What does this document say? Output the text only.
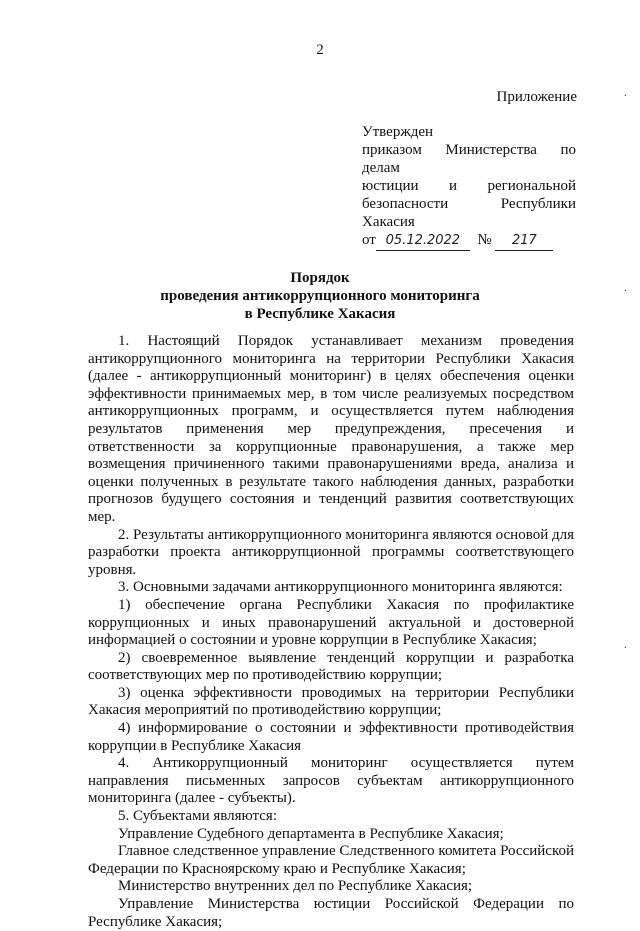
2
.
.
.
Приложение
Утвержден
приказом Министерства по делам
юстиции и региональной
безопасности Республики Хакасия
от 05.12.2022 № 217
Порядок
проведения антикоррупционного мониторинга
в Республике Хакасия

1. Настоящий Порядок устанавливает механизм проведения антикоррупционного мониторинга на территории Республики Хакасия (далее - антикоррупционный мониторинг) в целях обеспечения оценки эффективности принимаемых мер, в том числе реализуемых посредством антикоррупционных программ, и осуществляется путем наблюдения результатов применения мер предупреждения, пресечения и ответственности за коррупционные правонарушения, а также мер возмещения причиненного такими правонарушениями вреда, анализа и оценки полученных в результате такого наблюдения данных, разработки прогнозов будущего состояния и тенденций развития соответствующих мер.

2. Результаты антикоррупционного мониторинга являются основой для разработки проекта антикоррупционной программы соответствующего уровня.

3. Основными задачами антикоррупционного мониторинга являются:

1) обеспечение органа Республики Хакасия по профилактике коррупционных и иных правонарушений актуальной и достоверной информацией о состоянии и уровне коррупции в Республике Хакасия;

2) своевременное выявление тенденций коррупции и разработка соответствующих мер по противодействию коррупции;

3) оценка эффективности проводимых на территории Республики Хакасия мероприятий по противодействию коррупции;

4) информирование о состоянии и эффективности противодействия коррупции в Республике Хакасия

4. Антикоррупционный мониторинг осуществляется путем направления письменных запросов субъектам антикоррупционного мониторинга (далее - субъекты).

5. Субъектами являются:

Управление Судебного департамента в Республике Хакасия;

Главное следственное управление Следственного комитета Российской Федерации по Красноярскому краю и Республике Хакасия;

Министерство внутренних дел по Республике Хакасия;

Управление Министерства юстиции Российской Федерации по Республике Хакасия;
